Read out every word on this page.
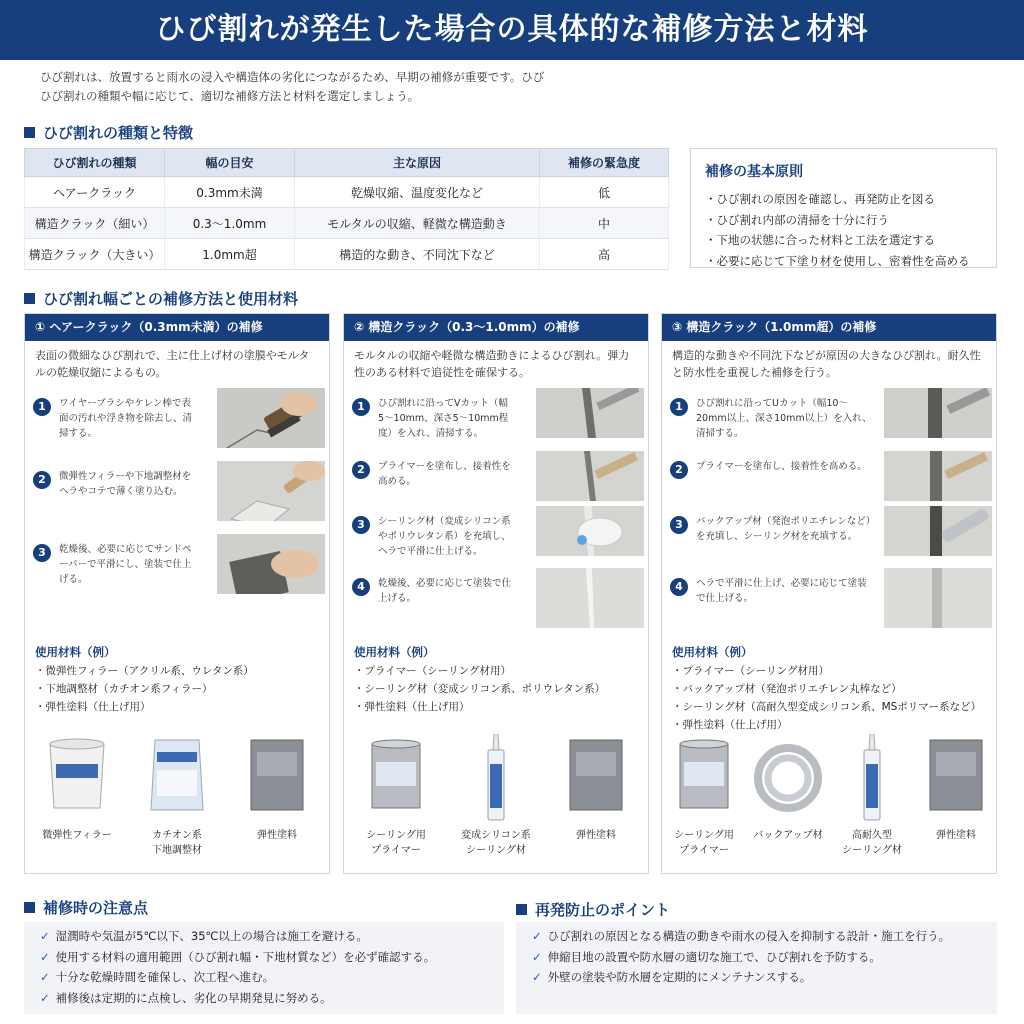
ひび割れが発生した場合の具体的な補修方法と材料
ひび割れは、放置すると雨水の浸入や構造体の劣化につながるため、早期の補修が重要です。ひび
ひび割れの種類や幅に応じて、適切な補修方法と材料を選定しましょう。
ひび割れの種類と特徴
ひび割れの種類	幅の目安	主な原因	補修の緊急度
ヘアークラック	0.3mm未満	乾燥収縮、温度変化など	低
構造クラック（細い）	0.3〜1.0mm	モルタルの収縮、軽微な構造動き	中
構造クラック（大きい）	1.0mm超	構造的な動き、不同沈下など	高
補修の基本原則
・ひび割れの原因を確認し、再発防止を図る
・ひび割れ内部の清掃を十分に行う
・下地の状態に合った材料と工法を選定する
・必要に応じて下塗り材を使用し、密着性を高める
ひび割れ幅ごとの補修方法と使用材料
① ヘアークラック（0.3mm未満）の補修
表面の微細なひび割れで、主に仕上げ材の塗膜やモルタルの乾燥収縮によるもの。
1	ワイヤーブラシやケレン棒で表面の汚れや浮き物を除去し、清掃する。
2	微弾性フィラーや下地調整材をヘラやコテで薄く塗り込む。
3	乾燥後、必要に応じてサンドペーパーで平滑にし、塗装で仕上げる。
使用材料（例）
・微弾性フィラー（アクリル系、ウレタン系）
・下地調整材（カチオン系フィラー）
・弾性塗料（仕上げ用）
微弾性フィラー	カチオン系
下地調整材
弾性塗料
② 構造クラック（0.3〜1.0mm）の補修
モルタルの収縮や軽微な構造動きによるひび割れ。弾力性のある材料で追従性を確保する。
1	ひび割れに沿ってVカット（幅5〜10mm、深さ5〜10mm程度）を入れ、清掃する。
2	プライマーを塗布し、接着性を高める。
3	シーリング材（変成シリコン系やポリウレタン系）を充填し、ヘラで平滑に仕上げる。
4	乾燥後、必要に応じて塗装で仕上げる。
使用材料（例）
・プライマー（シーリング材用）
・シーリング材（変成シリコン系、ポリウレタン系）
・弾性塗料（仕上げ用）
シーリング用
プライマー
変成シリコン系
シーリング材
弾性塗料
③ 構造クラック（1.0mm超）の補修
構造的な動きや不同沈下などが原因の大きなひび割れ。耐久性と防水性を重視した補修を行う。
1	ひび割れに沿ってUカット（幅10〜20mm以上、深さ10mm以上）を入れ、清掃する。
2	プライマーを塗布し、接着性を高める。
3	バックアップ材（発泡ポリエチレンなど）を充填し、シーリング材を充填する。
4	ヘラで平滑に仕上げ、必要に応じて塗装で仕上げる。
使用材料（例）
・プライマー（シーリング材用）
・バックアップ材（発泡ポリエチレン丸棒など）
・シーリング材（高耐久型変成シリコン系、MSポリマー系など）
・弾性塗料（仕上げ用）
シーリング用
プライマー
バックアップ材	高耐久型
シーリング材
弾性塗料
補修時の注意点	再発防止のポイント
✓ 湿潤時や気温が5℃以下、35℃以上の場合は施工を避ける。
✓ 使用する材料の適用範囲（ひび割れ幅・下地材質など）を必ず確認する。
✓ 十分な乾燥時間を確保し、次工程へ進む。
✓ 補修後は定期的に点検し、劣化の早期発見に努める。
✓ ひび割れの原因となる構造の動きや雨水の侵入を抑制する設計・施工を行う。
✓ 伸縮目地の設置や防水層の適切な施工で、ひび割れを予防する。
✓ 外壁の塗装や防水層を定期的にメンテナンスする。
